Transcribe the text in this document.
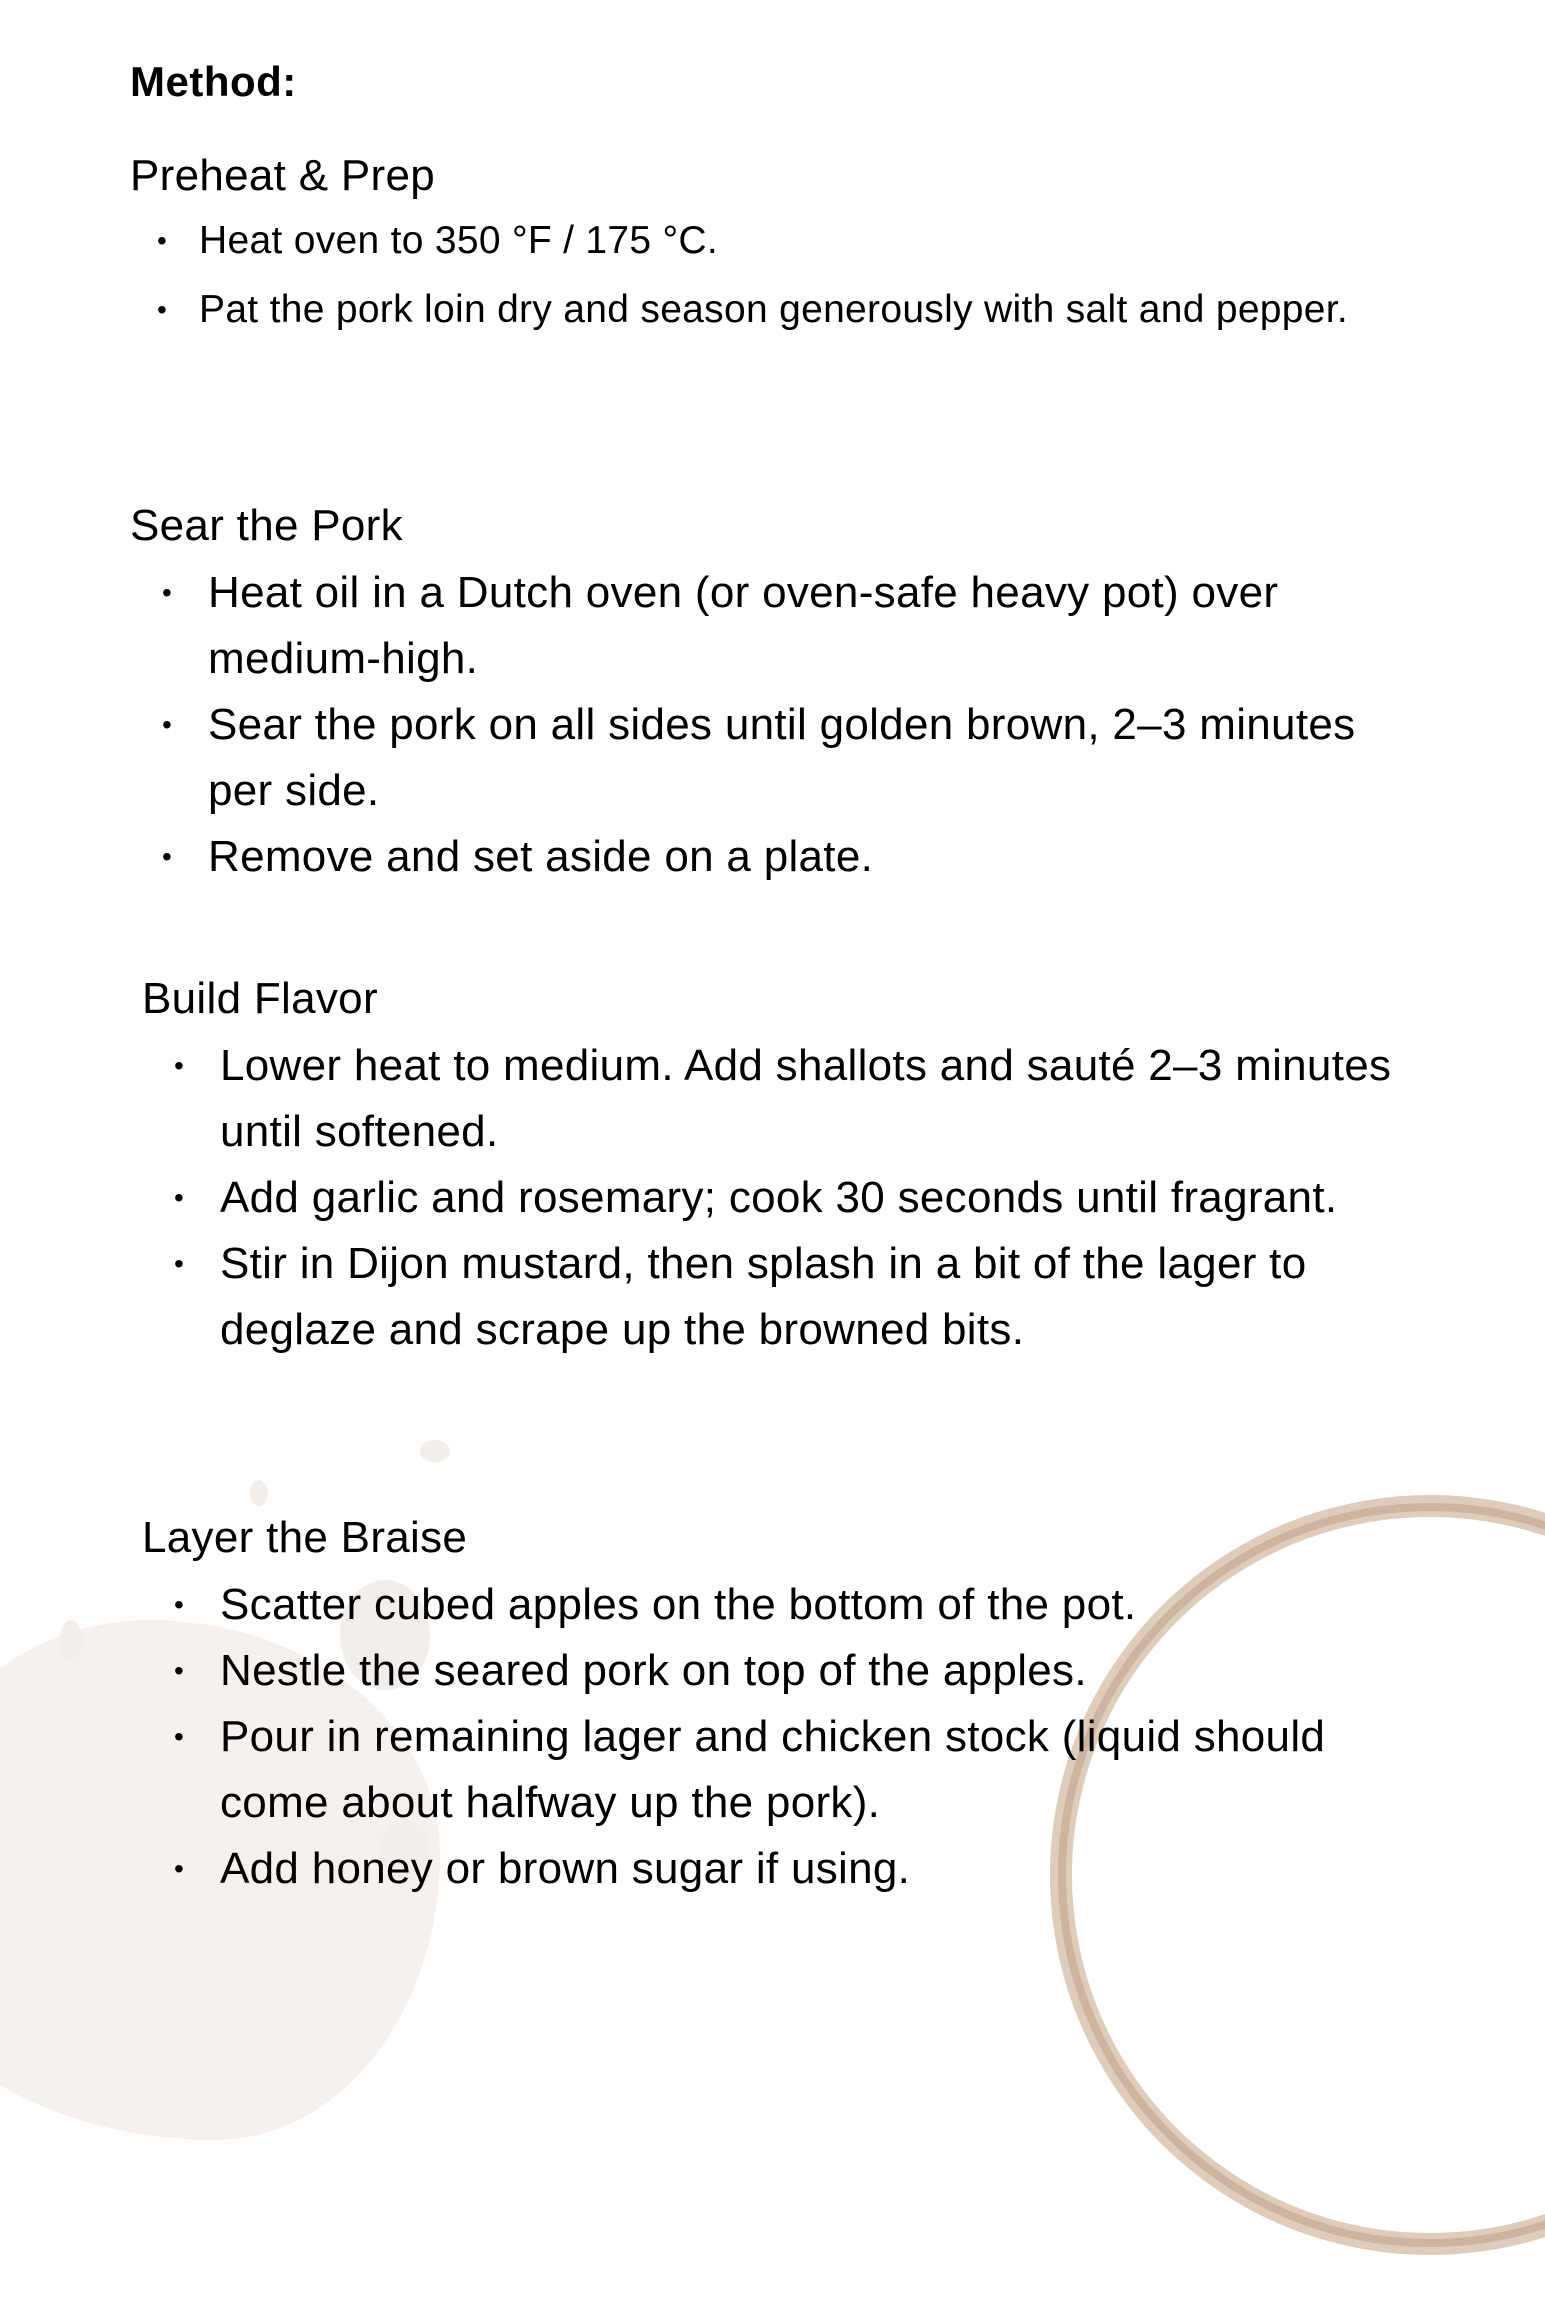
Method:
Preheat & Prep
• Heat oven to 350 °F / 175 °C.
• Pat the pork loin dry and season generously with salt and pepper.
Sear the Pork
• Heat oil in a Dutch oven (or oven-safe heavy pot) over medium-high.
• Sear the pork on all sides until golden brown, 2–3 minutes per side.
• Remove and set aside on a plate.
Build Flavor
• Lower heat to medium. Add shallots and sauté 2–3 minutes until softened.
• Add garlic and rosemary; cook 30 seconds until fragrant.
• Stir in Dijon mustard, then splash in a bit of the lager to deglaze and scrape up the browned bits.
Layer the Braise
• Scatter cubed apples on the bottom of the pot.
• Nestle the seared pork on top of the apples.
• Pour in remaining lager and chicken stock (liquid should come about halfway up the pork).
• Add honey or brown sugar if using.
